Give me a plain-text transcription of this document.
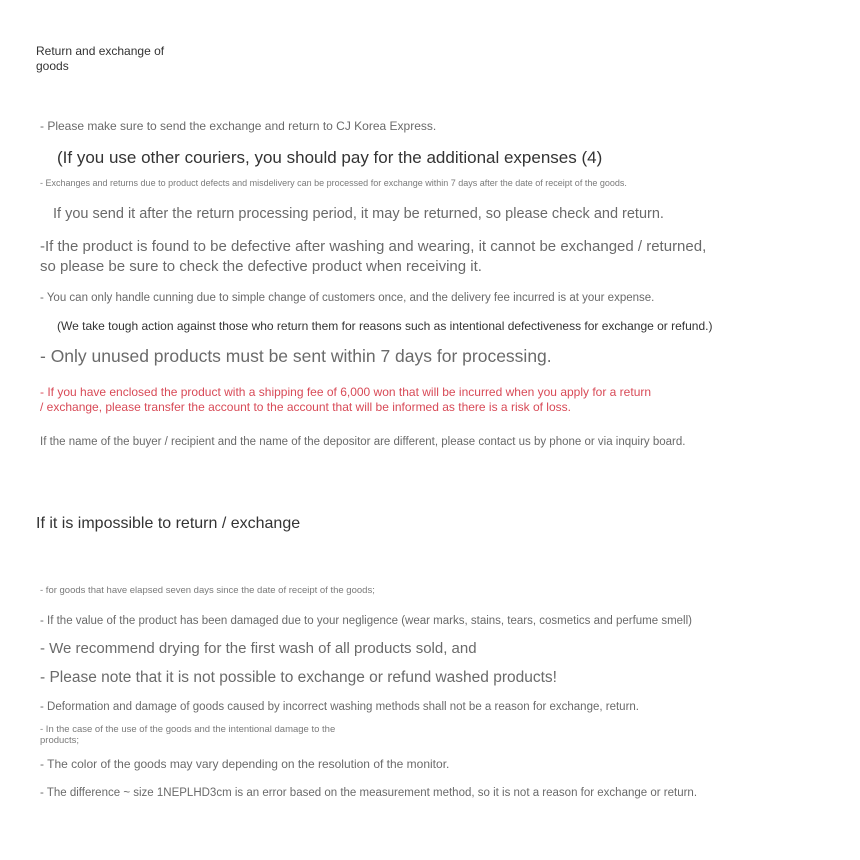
Return and exchange of goods
- Please make sure to send the exchange and return to CJ Korea Express.
(If you use other couriers, you should pay for the additional expenses (4)
- Exchanges and returns due to product defects and misdelivery can be processed for exchange within 7 days after the date of receipt of the goods.
If you send it after the return processing period, it may be returned, so please check and return.
-If the product is found to be defective after washing and wearing, it cannot be exchanged / returned, so please be sure to check the defective product when receiving it.
- You can only handle cunning due to simple change of customers once, and the delivery fee incurred is at your expense.
(We take tough action against those who return them for reasons such as intentional defectiveness for exchange or refund.)
- Only unused products must be sent within 7 days for processing.
- If you have enclosed the product with a shipping fee of 6,000 won that will be incurred when you apply for a return / exchange, please transfer the account to the account that will be informed as there is a risk of loss.
If the name of the buyer / recipient and the name of the depositor are different, please contact us by phone or via inquiry board.
If it is impossible to return / exchange
- for goods that have elapsed seven days since the date of receipt of the goods;
- If the value of the product has been damaged due to your negligence (wear marks, stains, tears, cosmetics and perfume smell)
- We recommend drying for the first wash of all products sold, and
- Please note that it is not possible to exchange or refund washed products!
- Deformation and damage of goods caused by incorrect washing methods shall not be a reason for exchange, return.
- In the case of the use of the goods and the intentional damage to the products;
- The color of the goods may vary depending on the resolution of the monitor.
- The difference ~ size 1NEPLHD3cm is an error based on the measurement method, so it is not a reason for exchange or return.
